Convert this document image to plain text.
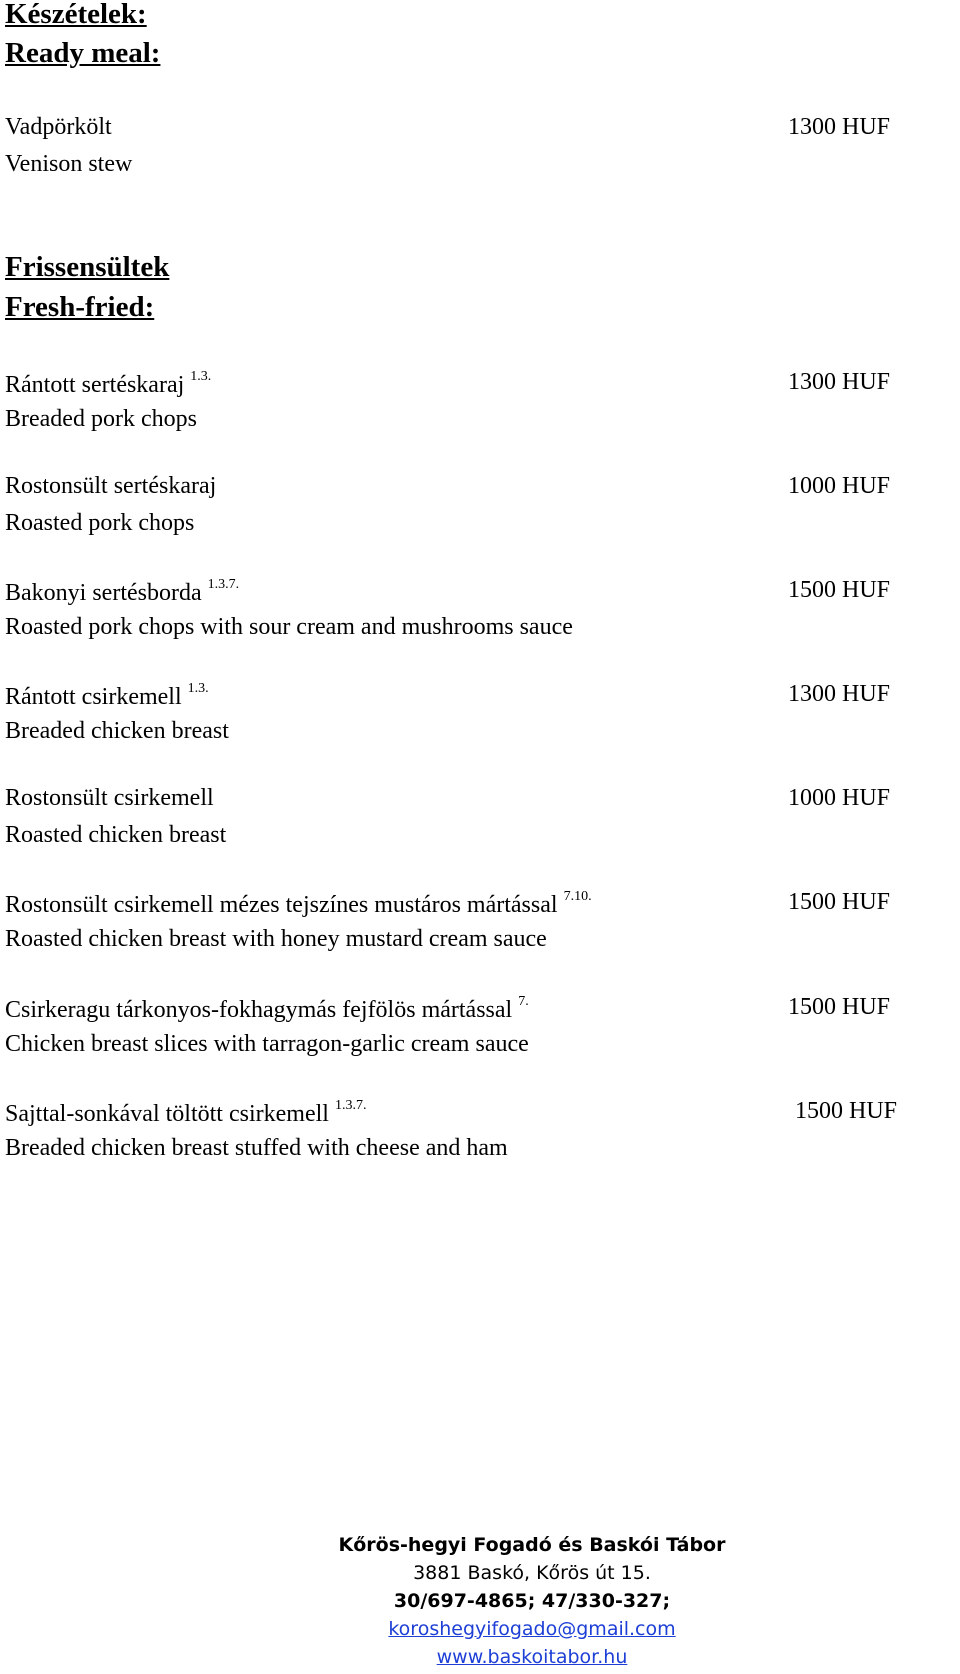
Készételek:
Ready meal:
Vadpörkölt
Venison stew
1300 HUF
Frissensültek
Fresh-fried:
Rántott sertéskaraj $^{1.3.}$
Breaded pork chops
1300 HUF
Rostonsült sertéskaraj
Roasted pork chops
1000 HUF
Bakonyi sertésborda $^{1.3.7.}$
Roasted pork chops with sour cream and mushrooms sauce
1500 HUF
Rántott csirkemell $^{1.3.}$
Breaded chicken breast
1300 HUF
Rostonsült csirkemell
Roasted chicken breast
1000 HUF
Rostonsült csirkemell mézes tejszínes mustáros mártással $^{7.10.}$
Roasted chicken breast with honey mustard cream sauce
1500 HUF
Csirkeragu tárkonyos-fokhagymás fejfölös mártással $^{7.}$
Chicken breast slices with tarragon-garlic cream sauce
1500 HUF
Sajttal-sonkával töltött csirkemell $^{1.3.7.}$
Breaded chicken breast stuffed with cheese and ham
1500 HUF
Kőrös-hegyi Fogadó és Baskói Tábor
3881 Baskó, Kőrös út 15.
30/697-4865; 47/330-327;
koroshegyifogado@gmail.com
www.baskoitabor.hu
